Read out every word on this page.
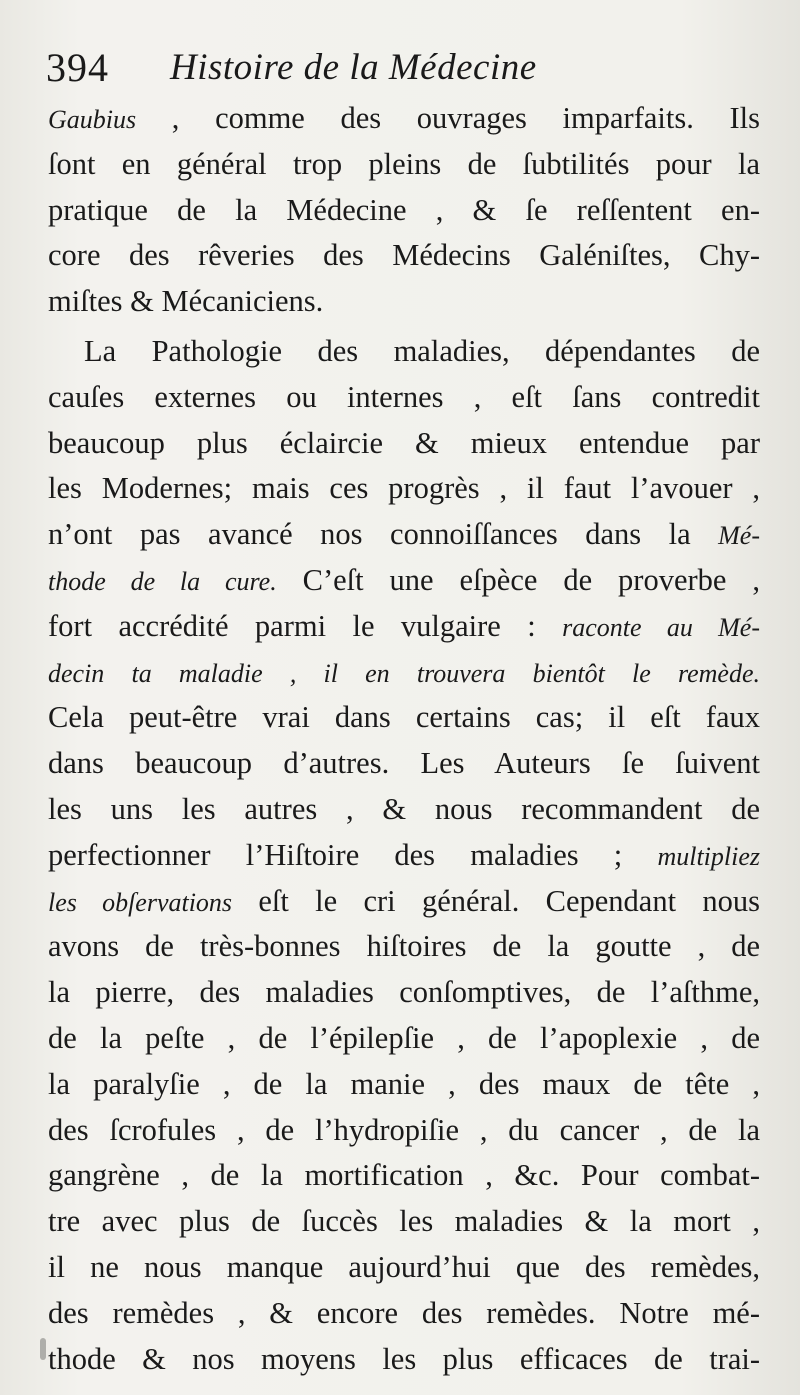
394 Histoire de la Médecine
Gaubius , comme des ouvrages imparfaits. Ils
ſont en général trop pleins de ſubtilités pour la
pratique de la Médecine , & ſe reſſentent en-
core des rêveries des Médecins Galéniſtes, Chy-
miſtes & Mécaniciens.
La Pathologie des maladies, dépendantes de
cauſes externes ou internes , eſt ſans contredit
beaucoup plus éclaircie & mieux entendue par
les Modernes; mais ces progrès , il faut l’avouer ,
n’ont pas avancé nos connoiſſances dans la Mé-
thode de la cure. C’eſt une eſpèce de proverbe ,
fort accrédité parmi le vulgaire : raconte au Mé-
decin ta maladie , il en trouvera bientôt le remède.
Cela peut-être vrai dans certains cas; il eſt faux
dans beaucoup d’autres. Les Auteurs ſe ſuivent
les uns les autres , & nous recommandent de
perfectionner l’Hiſtoire des maladies ; multipliez
les obſervations eſt le cri général. Cependant nous
avons de très-bonnes hiſtoires de la goutte , de
la pierre, des maladies conſomptives, de l’aſthme,
de la peſte , de l’épilepſie , de l’apoplexie , de
la paralyſie , de la manie , des maux de tête ,
des ſcrofules , de l’hydropiſie , du cancer , de la
gangrène , de la mortification , &c. Pour combat-
tre avec plus de ſuccès les maladies & la mort ,
il ne nous manque aujourd’hui que des remèdes,
des remèdes , & encore des remèdes. Notre mé-
thode & nos moyens les plus efficaces de trai-
